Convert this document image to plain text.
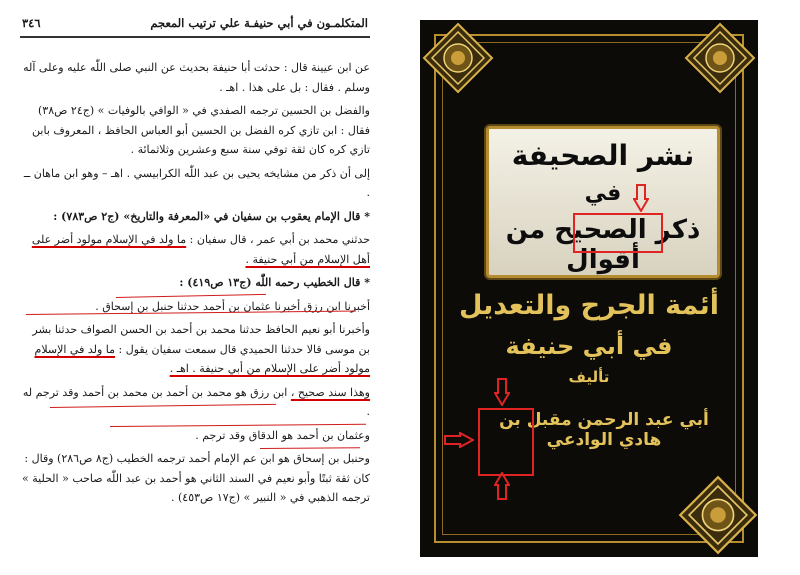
المتكلمـون في أبي حنيفـة علي ترتيب المعجم
٣٤٦

عن ابن عيينة قال : حدثت أبا حنيفة بحديث عن النبي صلى اللّٰه عليه وعلى آله وسلم . فقال : بل على هذا . اهـ .

والفضل بن الحسين ترجمه الصفدي في « الوافي بالوفيات » (ج٢٤ ص٣٨) فقال : ابن تازي كره الفضل بن الحسين أبو العباس الحافظ ، المعروف بابن تازي كره كان ثقة توفي سنة سبع وعشرين وثلاثمائة .

إلى أن ذكر من مشايخه يحيى بن عبد اللّٰه الكرابيسي . اهـ – وهو ابن ماهان ــ .

* قال الإمام يعقوب بن سفيان في «المعرفة والتاريخ» (ج٢ ص٧٨٣) :

حدثني محمد بن أبي عمر ، قال سفيان : ما ولد في الإسلام مولود أضر على أهل الإسلام من أبي حنيفة .

* قال الخطيب رحمه اللّٰه (ج١٣ ص٤١٩) :

أخبرنا ابن رزق أخبرنا عثمان بن أحمد حدثنا حنبل بن إسحاق .

وأخبرنا أبو نعيم الحافظ حدثنا محمد بن أحمد بن الحسن الصواف حدثنا بشر بن موسى قالا حدثنا الحميدي قال سمعت سفيان يقول : ما ولد في الإسلام مولود أضر على الإسلام من أبي حنيفة . اهـ .

وهذا سند صحيح ، ابن رزق هو محمد بن أحمد بن محمد بن أحمد وقد ترجم له .

وعثمان بن أحمد هو الدقاق وقد ترجم .

وحنبل بن إسحاق هو ابن عم الإمام أحمد ترجمه الخطيب (ج٨ ص٢٨٦) وقال : كان ثقة ثبتًا وأبو نعيم في السند الثاني هو أحمد بن عبد اللّٰه صاحب « الحلية » ترجمه الذهبي في « النبير » (ج١٧ ص٤٥٣) .

نشر الصحيفة
في
ذكر الصحيح من أقوال
أئمة الجرح والتعديل
في أبي حنيفة
تأليف
أبي عبد الرحمن مقبل بن هادي الوادعي
